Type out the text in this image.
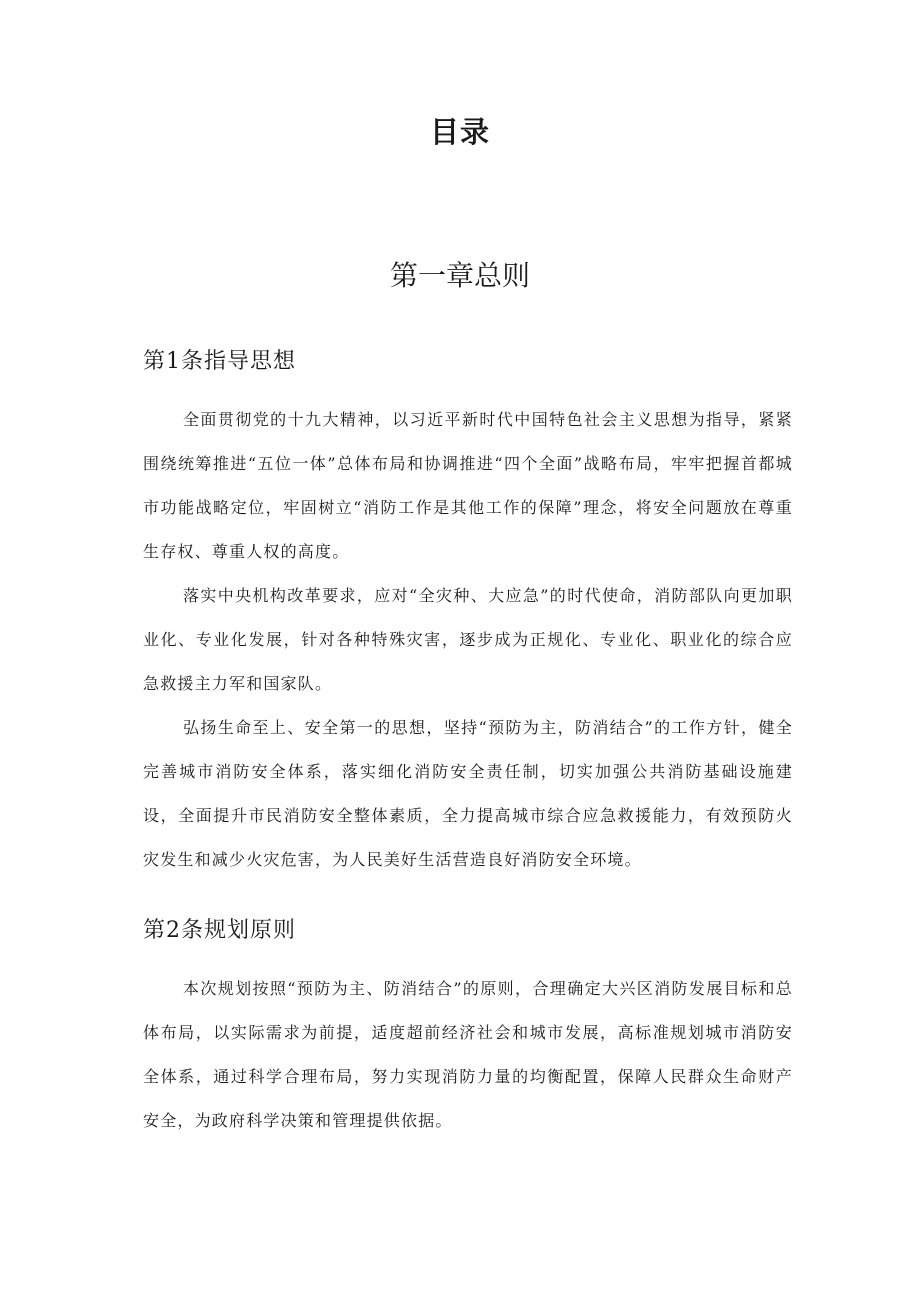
目录
第一章总则
第1条指导思想

全面贯彻党的十九大精神，以习近平新时代中国特色社会主义思想为指导，紧紧围绕统筹推进“五位一体”总体布局和协调推进“四个全面”战略布局，牢牢把握首都城市功能战略定位，牢固树立“消防工作是其他工作的保障”理念，将安全问题放在尊重生存权、尊重人权的高度。

落实中央机构改革要求，应对“全灾种、大应急”的时代使命，消防部队向更加职业化、专业化发展，针对各种特殊灾害，逐步成为正规化、专业化、职业化的综合应急救援主力军和国家队。

弘扬生命至上、安全第一的思想，坚持“预防为主，防消结合”的工作方针，健全完善城市消防安全体系，落实细化消防安全责任制，切实加强公共消防基础设施建设，全面提升市民消防安全整体素质，全力提高城市综合应急救援能力，有效预防火灾发生和减少火灾危害，为人民美好生活营造良好消防安全环境。

第2条规划原则

本次规划按照“预防为主、防消结合”的原则，合理确定大兴区消防发展目标和总体布局，以实际需求为前提，适度超前经济社会和城市发展，高标准规划城市消防安全体系，通过科学合理布局，努力实现消防力量的均衡配置，保障人民群众生命财产安全，为政府科学决策和管理提供依据。
